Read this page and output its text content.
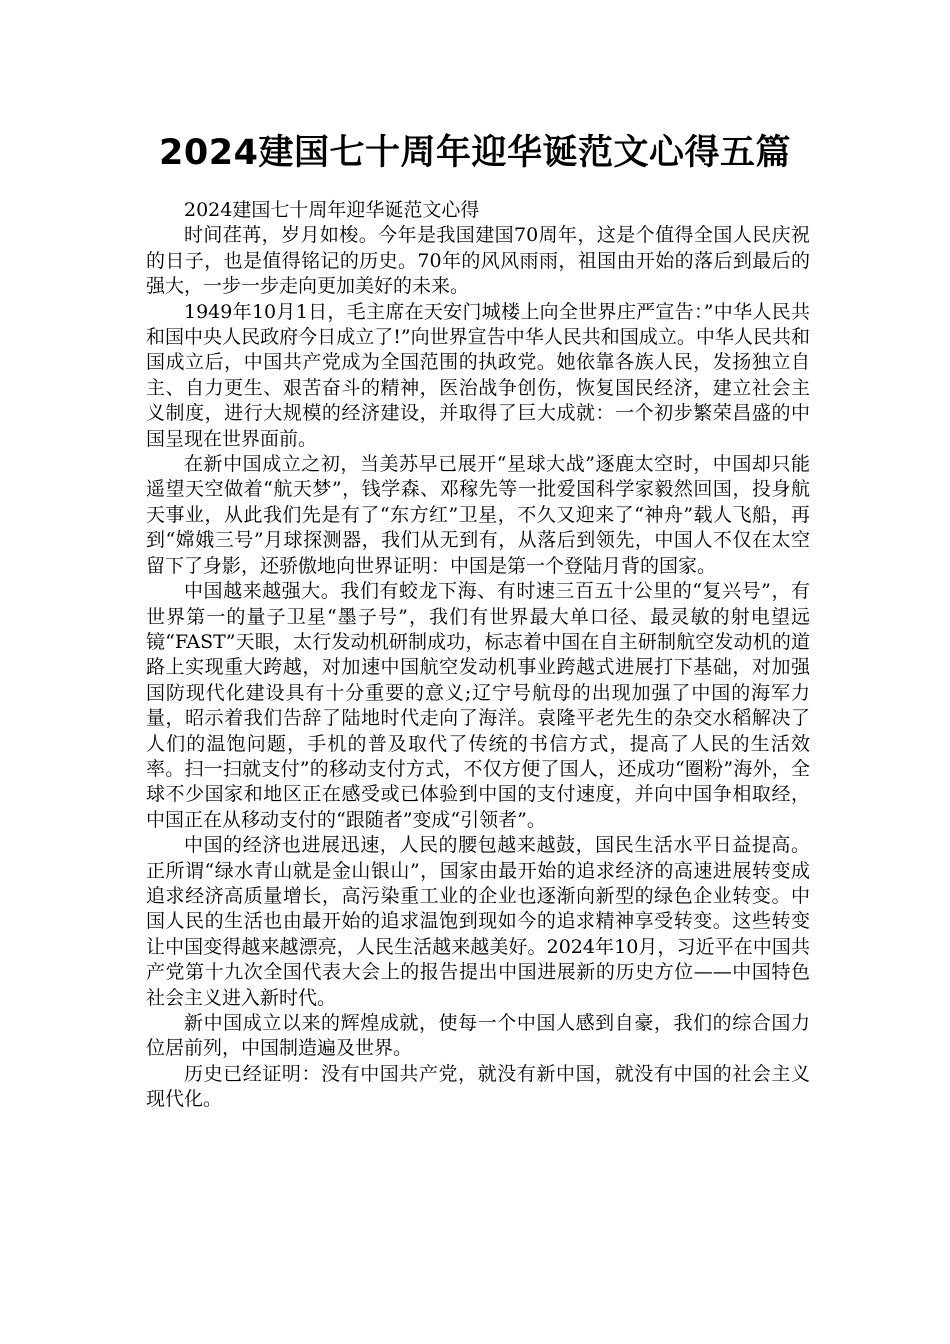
2024建国七十周年迎华诞范文心得五篇

2024建国七十周年迎华诞范文心得

时间荏苒，岁月如梭。今年是我国建国70周年，这是个值得全国人民庆祝的日子，也是值得铭记的历史。70年的风风雨雨，祖国由开始的落后到最后的强大，一步一步走向更加美好的未来。

1949年10月1日，毛主席在天安门城楼上向全世界庄严宣告：”中华人民共和国中央人民政府今日成立了!”向世界宣告中华人民共和国成立。中华人民共和国成立后，中国共产党成为全国范围的执政党。她依靠各族人民，发扬独立自主、自力更生、艰苦奋斗的精神，医治战争创伤，恢复国民经济，建立社会主义制度，进行大规模的经济建设，并取得了巨大成就：一个初步繁荣昌盛的中国呈现在世界面前。

在新中国成立之初，当美苏早已展开“星球大战”逐鹿太空时，中国却只能遥望天空做着“航天梦”，钱学森、邓稼先等一批爱国科学家毅然回国，投身航天事业，从此我们先是有了“东方红”卫星，不久又迎来了“神舟”载人飞船，再到“嫦娥三号”月球探测器，我们从无到有，从落后到领先，中国人不仅在太空留下了身影，还骄傲地向世界证明：中国是第一个登陆月背的国家。

中国越来越强大。我们有蛟龙下海、有时速三百五十公里的“复兴号”，有世界第一的量子卫星“墨子号”，我们有世界最大单口径、最灵敏的射电望远镜“FAST”天眼，太行发动机研制成功，标志着中国在自主研制航空发动机的道路上实现重大跨越，对加速中国航空发动机事业跨越式进展打下基础，对加强国防现代化建设具有十分重要的意义;辽宁号航母的出现加强了中国的海军力量，昭示着我们告辞了陆地时代走向了海洋。袁隆平老先生的杂交水稻解决了人们的温饱问题，手机的普及取代了传统的书信方式，提高了人民的生活效率。扫一扫就支付”的移动支付方式，不仅方便了国人，还成功“圈粉”海外，全球不少国家和地区正在感受或已体验到中国的支付速度，并向中国争相取经，中国正在从移动支付的“跟随者”变成“引领者”。

中国的经济也进展迅速，人民的腰包越来越鼓，国民生活水平日益提高。正所谓“绿水青山就是金山银山”，国家由最开始的追求经济的高速进展转变成追求经济高质量增长，高污染重工业的企业也逐渐向新型的绿色企业转变。中国人民的生活也由最开始的追求温饱到现如今的追求精神享受转变。这些转变让中国变得越来越漂亮，人民生活越来越美好。2024年10月，习近平在中国共产党第十九次全国代表大会上的报告提出中国进展新的历史方位——中国特色社会主义进入新时代。

新中国成立以来的辉煌成就，使每一个中国人感到自豪，我们的综合国力位居前列，中国制造遍及世界。

历史已经证明：没有中国共产党，就没有新中国，就没有中国的社会主义现代化。
